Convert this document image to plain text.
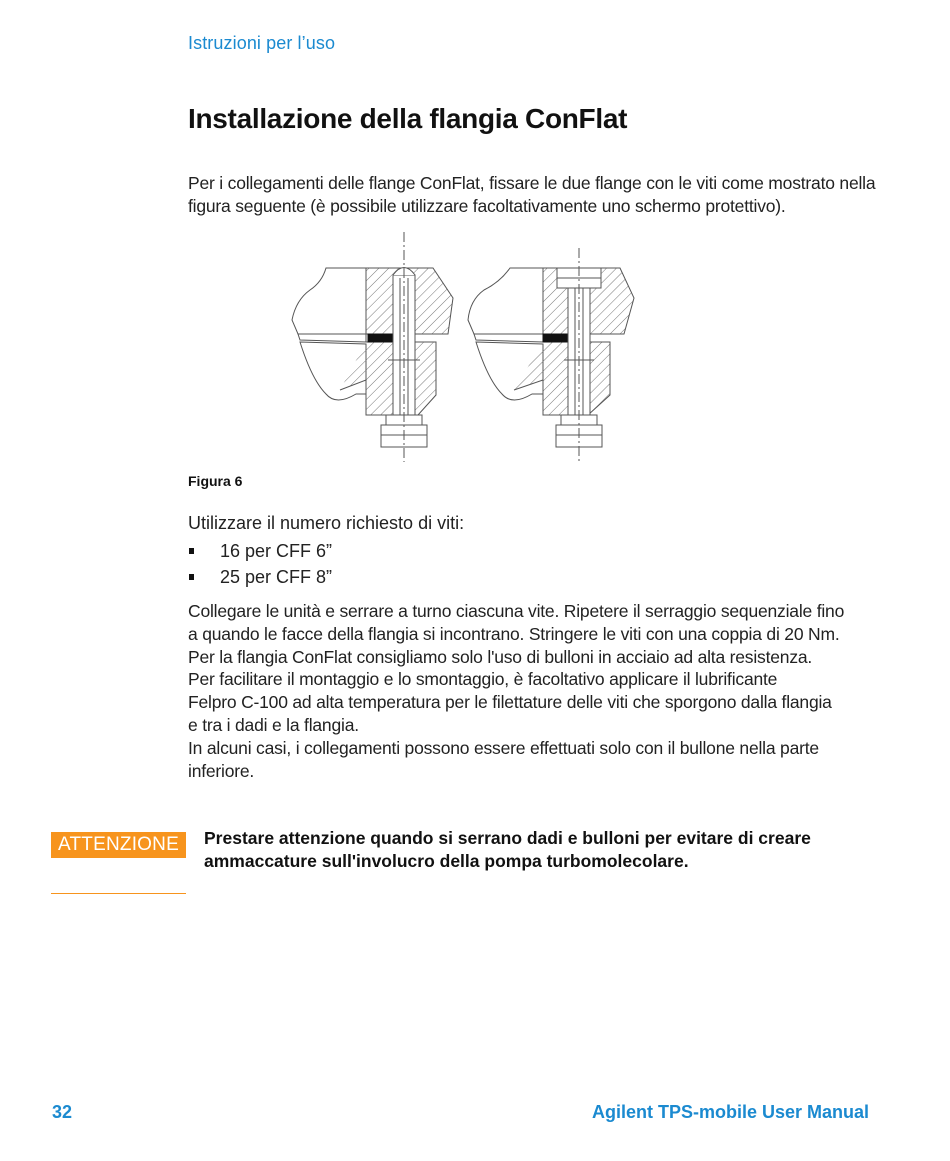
Istruzioni per l’uso
Installazione della flangia ConFlat

Per i collegamenti delle flange ConFlat, fissare le due flange con le viti come mostrato nella figura seguente (è possibile utilizzare facoltativamente uno schermo protettivo).

Figura 6

Utilizzare il numero richiesto di viti:

16 per CFF 6”
25 per CFF 8”

Collegare le unità e serrare a turno ciascuna vite. Ripetere il serraggio sequenziale fino

a quando le facce della flangia si incontrano. Stringere le viti con una coppia di 20 Nm.

Per la flangia ConFlat consigliamo solo l'uso di bulloni in acciaio ad alta resistenza.

Per facilitare il montaggio e lo smontaggio, è facoltativo applicare il lubrificante

Felpro C-100 ad alta temperatura per le filettature delle viti che sporgono dalla flangia

e tra i dadi e la flangia.

In alcuni casi, i collegamenti possono essere effettuati solo con il bullone nella parte

inferiore.

ATTENZIONE	Prestare attenzione quando si serrano dadi e bulloni per evitare di creare ammaccature sull'involucro della pompa turbomolecolare.

32	Agilent TPS-mobile User Manual
